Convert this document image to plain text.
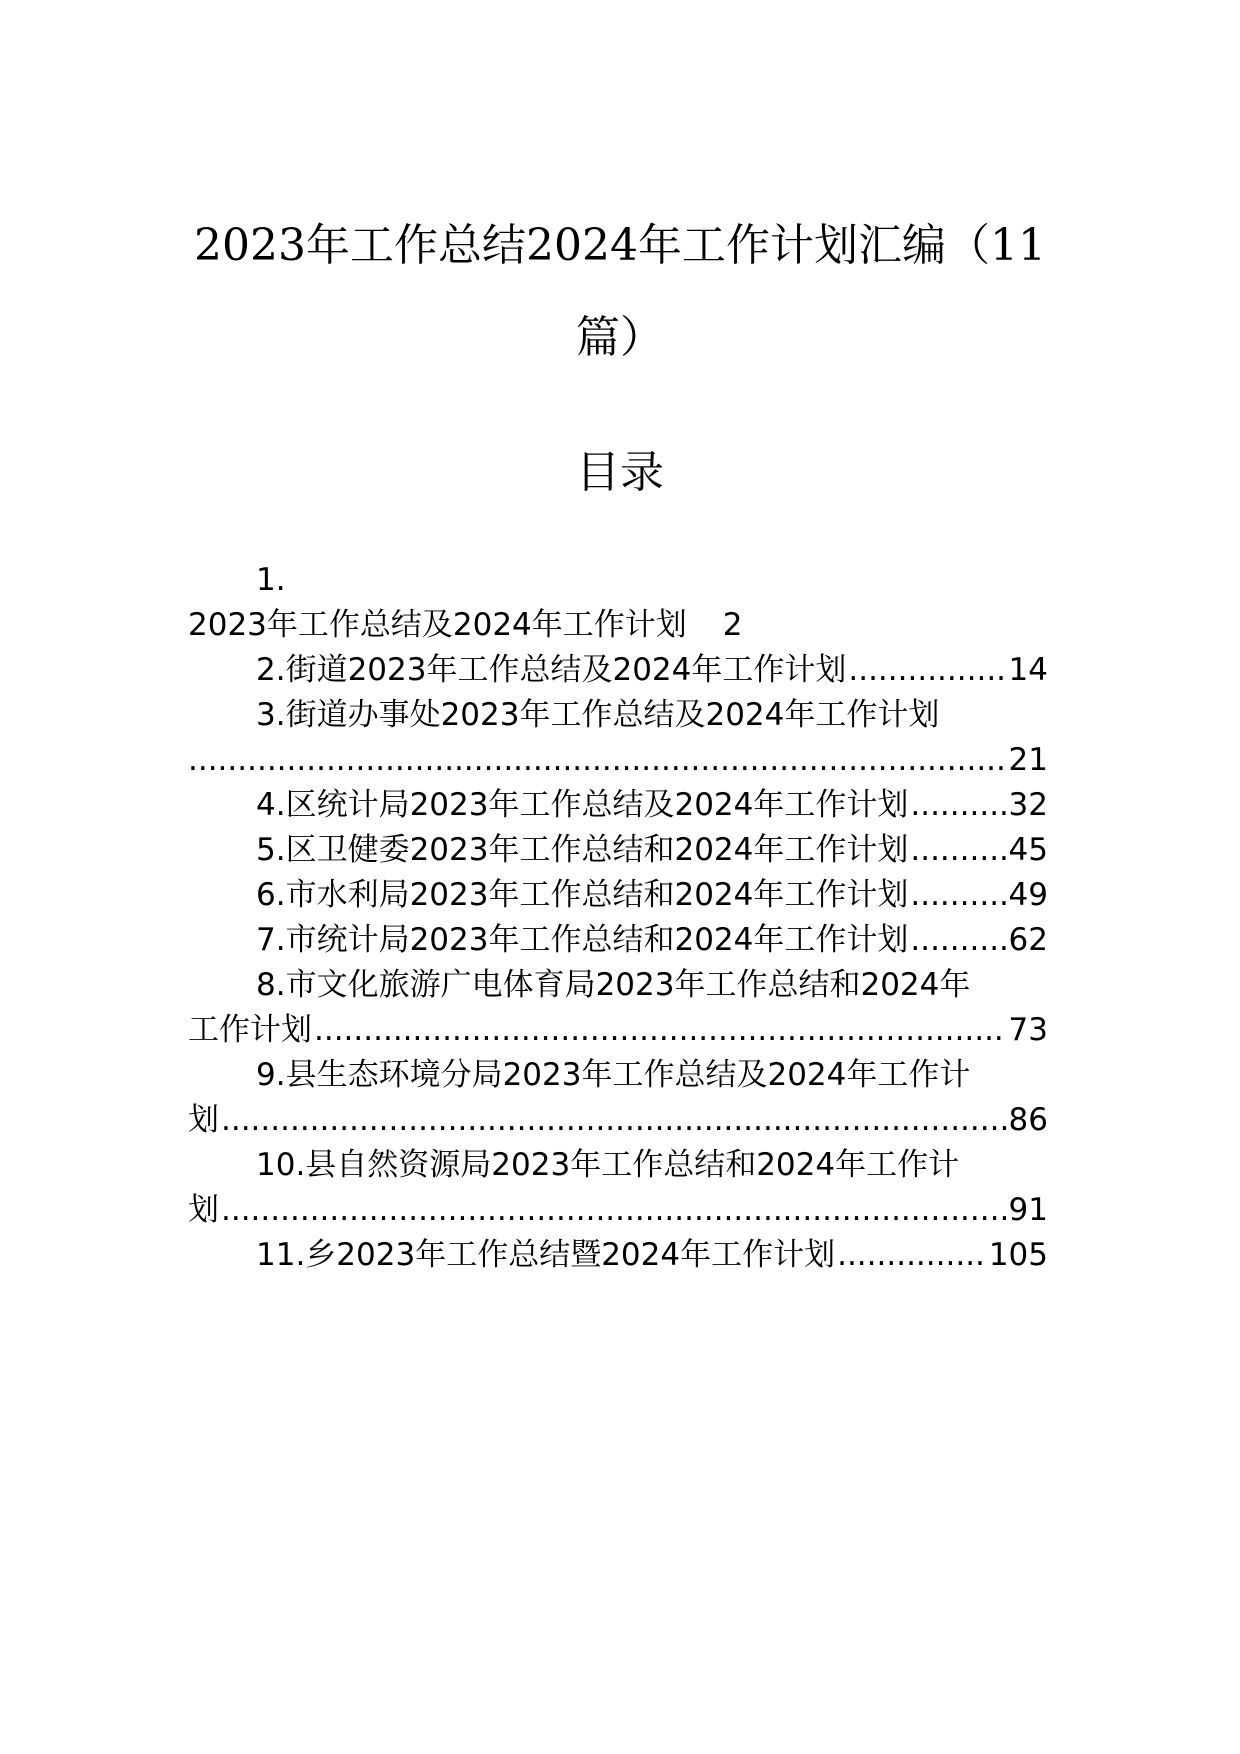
2023年工作总结2024年工作计划汇编（11
篇）
目录
1.
2023年工作总结及2024年工作计划 2
2.街道2023年工作总结及2024年工作计划 .....	14
3.街道办事处2023年工作总结及2024年工作计划
.....
21
4.区统计局2023年工作总结及2024年工作计划 .....	32
5.区卫健委2023年工作总结和2024年工作计划 .....	45
6.市水利局2023年工作总结和2024年工作计划 .....	49
7.市统计局2023年工作总结和2024年工作计划 .....	62
8.市文化旅游广电体育局2023年工作总结和2024年
工作计划 .....	73
9.县生态环境分局2023年工作总结及2024年工作计
划 .....	86
10.县自然资源局2023年工作总结和2024年工作计
划 .....	91
11.乡2023年工作总结暨2024年工作计划 .....	105
